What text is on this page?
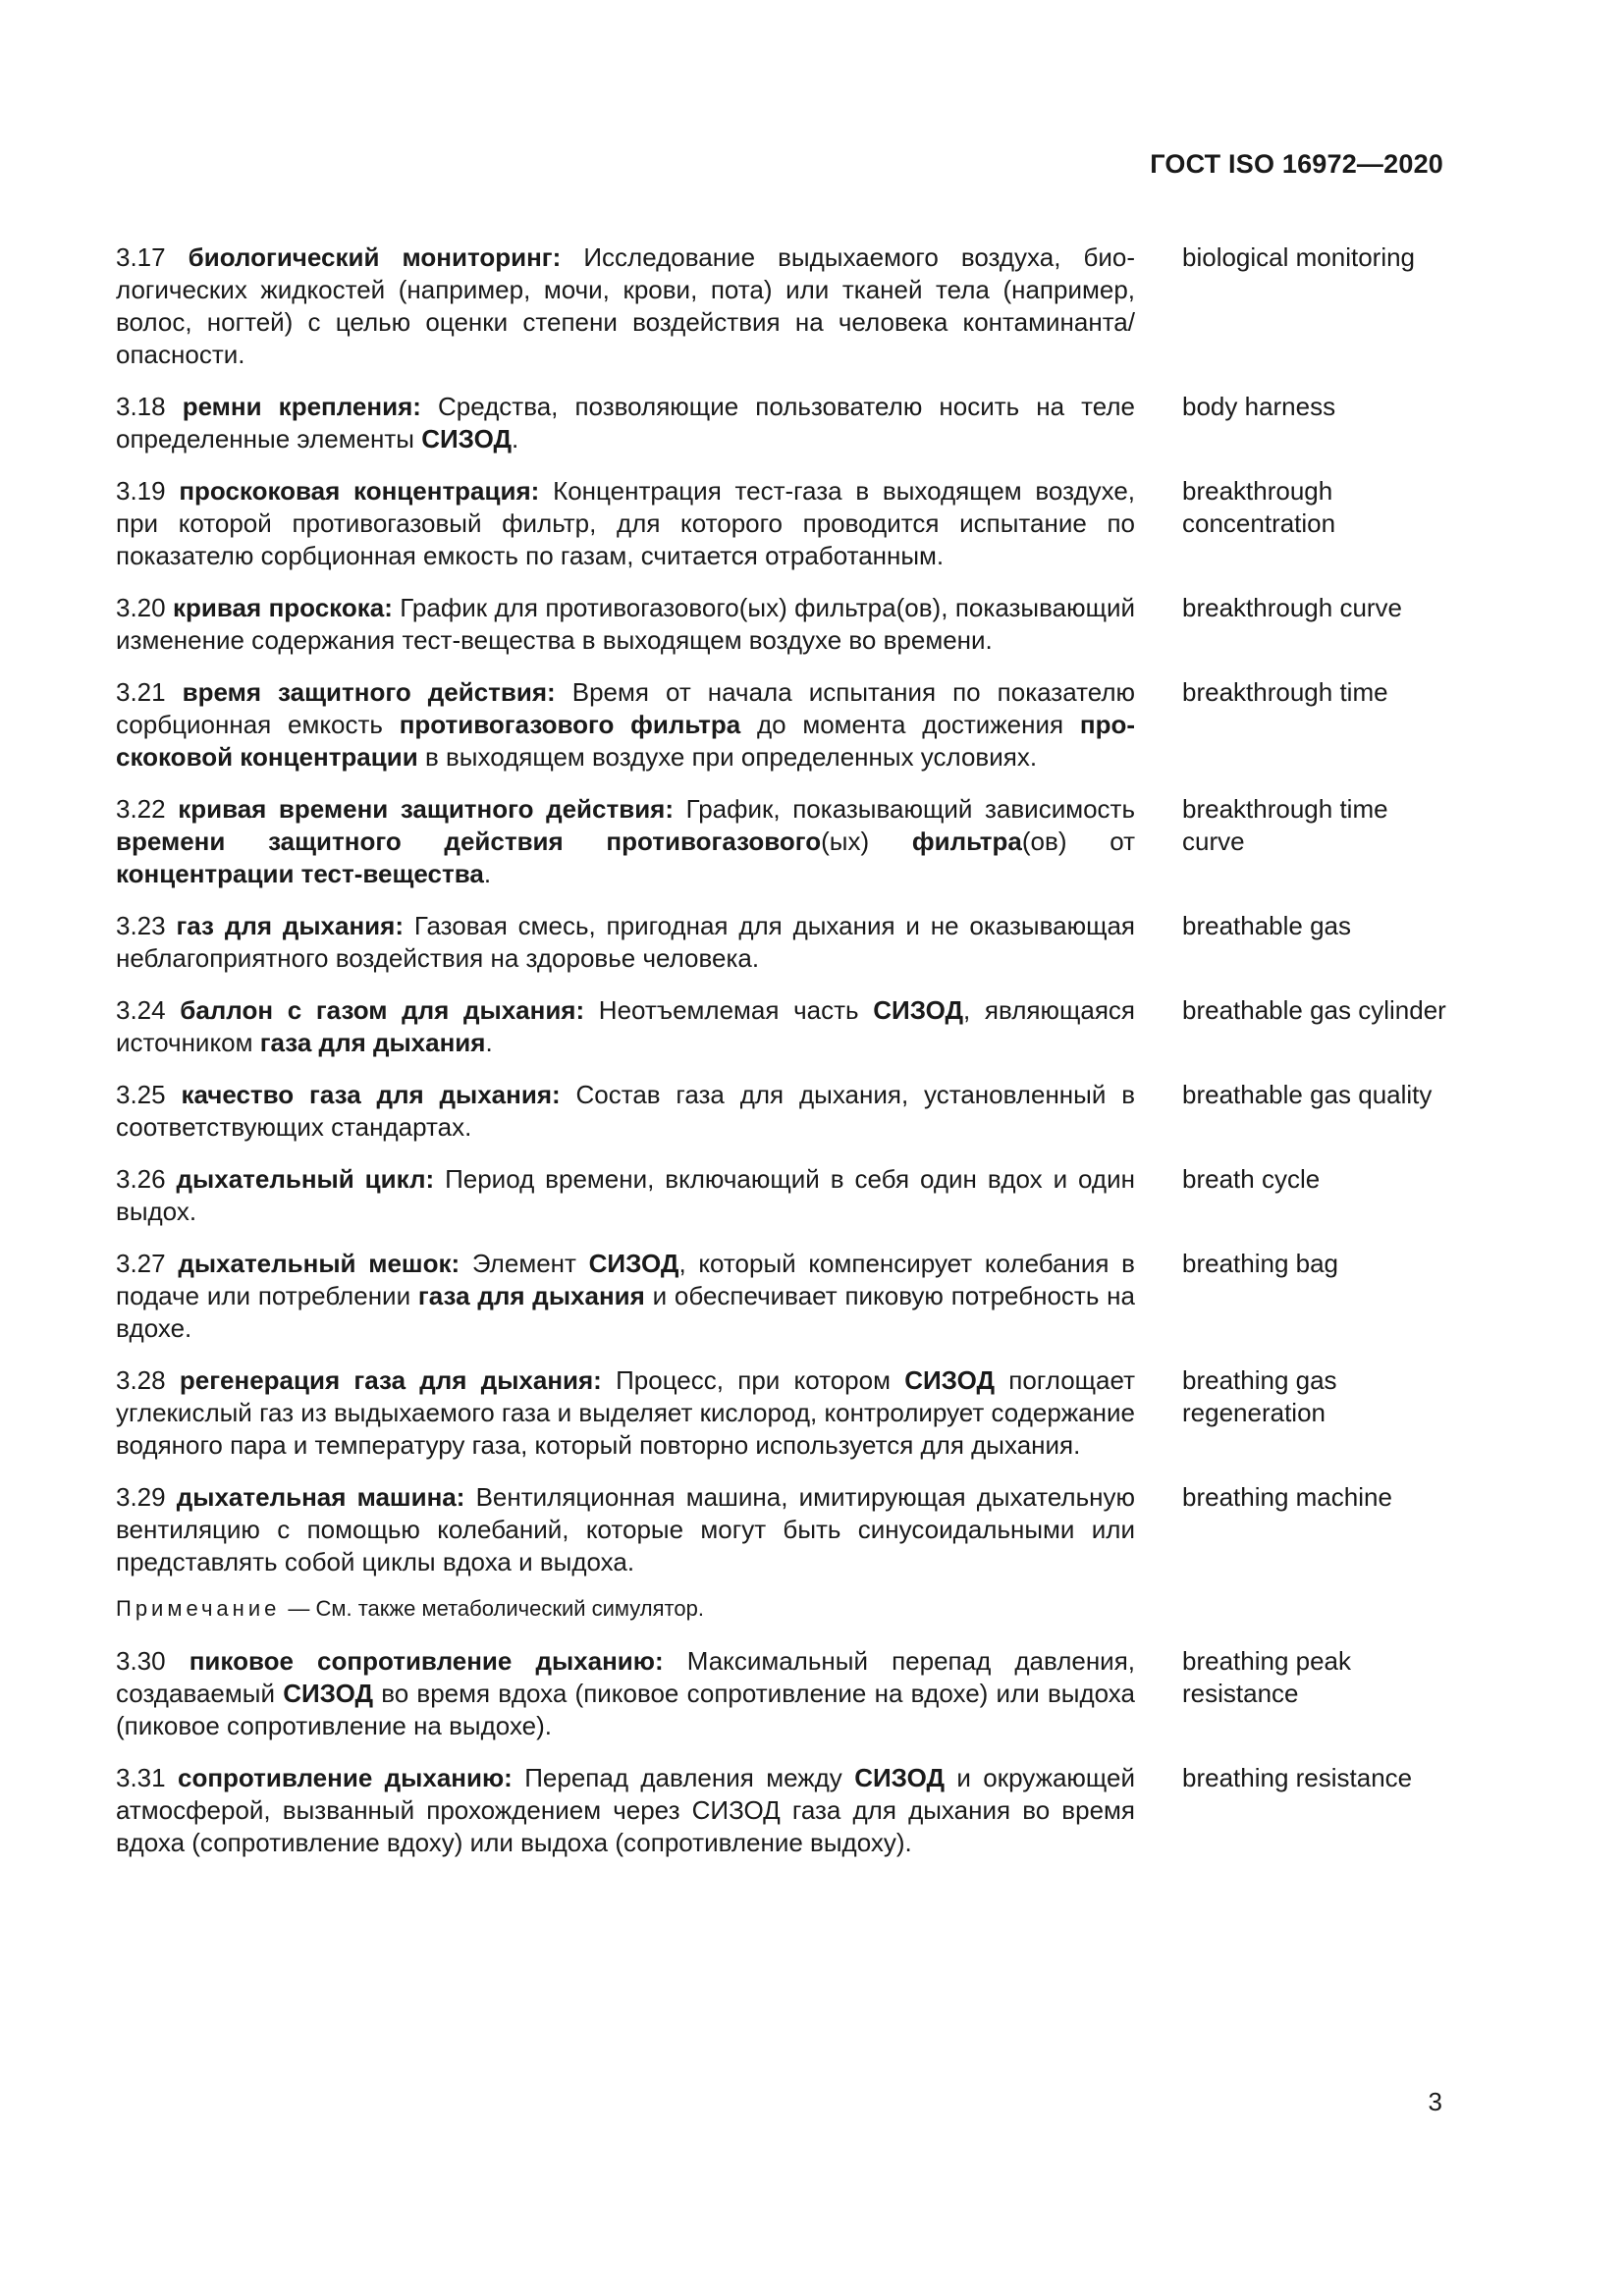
ГОСТ ISO 16972—2020
3.17 биологический мониторинг: Исследование выдыхаемого воздуха, биологических жидкостей (например, мочи, крови, пота) или тканей тела (например, волос, ногтей) с целью оценки степени воздействия на человека контаминанта/опасности.
biological monitoring
3.18 ремни крепления: Средства, позволяющие пользователю носить на теле определенные элементы СИЗОД.
body harness
3.19 проскоковая концентрация: Концентрация тест-газа в выходящем воздухе, при которой противогазовый фильтр, для которого проводится испытание по показателю сорбционная емкость по газам, считается отработанным.
breakthrough concentration
3.20 кривая проскока: График для противогазового(ых) фильтра(ов), показывающий изменение содержания тест-вещества в выходящем воздухе во времени.
breakthrough curve
3.21 время защитного действия: Время от начала испытания по показателю сорбционная емкость противогазового фильтра до момента достижения проскоковой концентрации в выходящем воздухе при определенных условиях.
breakthrough time
3.22 кривая времени защитного действия: График, показывающий зависимость времени защитного действия противогазового(ых) фильтра(ов) от концентрации тест-вещества.
breakthrough time curve
3.23 газ для дыхания: Газовая смесь, пригодная для дыхания и не оказывающая неблагоприятного воздействия на здоровье человека.
breathable gas
3.24 баллон с газом для дыхания: Неотъемлемая часть СИЗОД, являющаяся источником газа для дыхания.
breathable gas cylinder
3.25 качество газа для дыхания: Состав газа для дыхания, установленный в соответствующих стандартах.
breathable gas quality
3.26 дыхательный цикл: Период времени, включающий в себя один вдох и один выдох.
breath cycle
3.27 дыхательный мешок: Элемент СИЗОД, который компенсирует колебания в подаче или потреблении газа для дыхания и обеспечивает пиковую потребность на вдохе.
breathing bag
3.28 регенерация газа для дыхания: Процесс, при котором СИЗОД поглощает углекислый газ из выдыхаемого газа и выделяет кислород, контролирует содержание водяного пара и температуру газа, который повторно используется для дыхания.
breathing gas regeneration
3.29 дыхательная машина: Вентиляционная машина, имитирующая дыхательную вентиляцию с помощью колебаний, которые могут быть синусоидальными или представлять собой циклы вдоха и выдоха.
breathing machine
Примечание — См. также метаболический симулятор.
3.30 пиковое сопротивление дыханию: Максимальный перепад давления, создаваемый СИЗОД во время вдоха (пиковое сопротивление на вдохе) или выдоха (пиковое сопротивление на выдохе).
breathing peak resistance
3.31 сопротивление дыханию: Перепад давления между СИЗОД и окружающей атмосферой, вызванный прохождением через СИЗОД газа для дыхания во время вдоха (сопротивление вдоху) или выдоха (сопротивление выдоху).
breathing resistance
3
